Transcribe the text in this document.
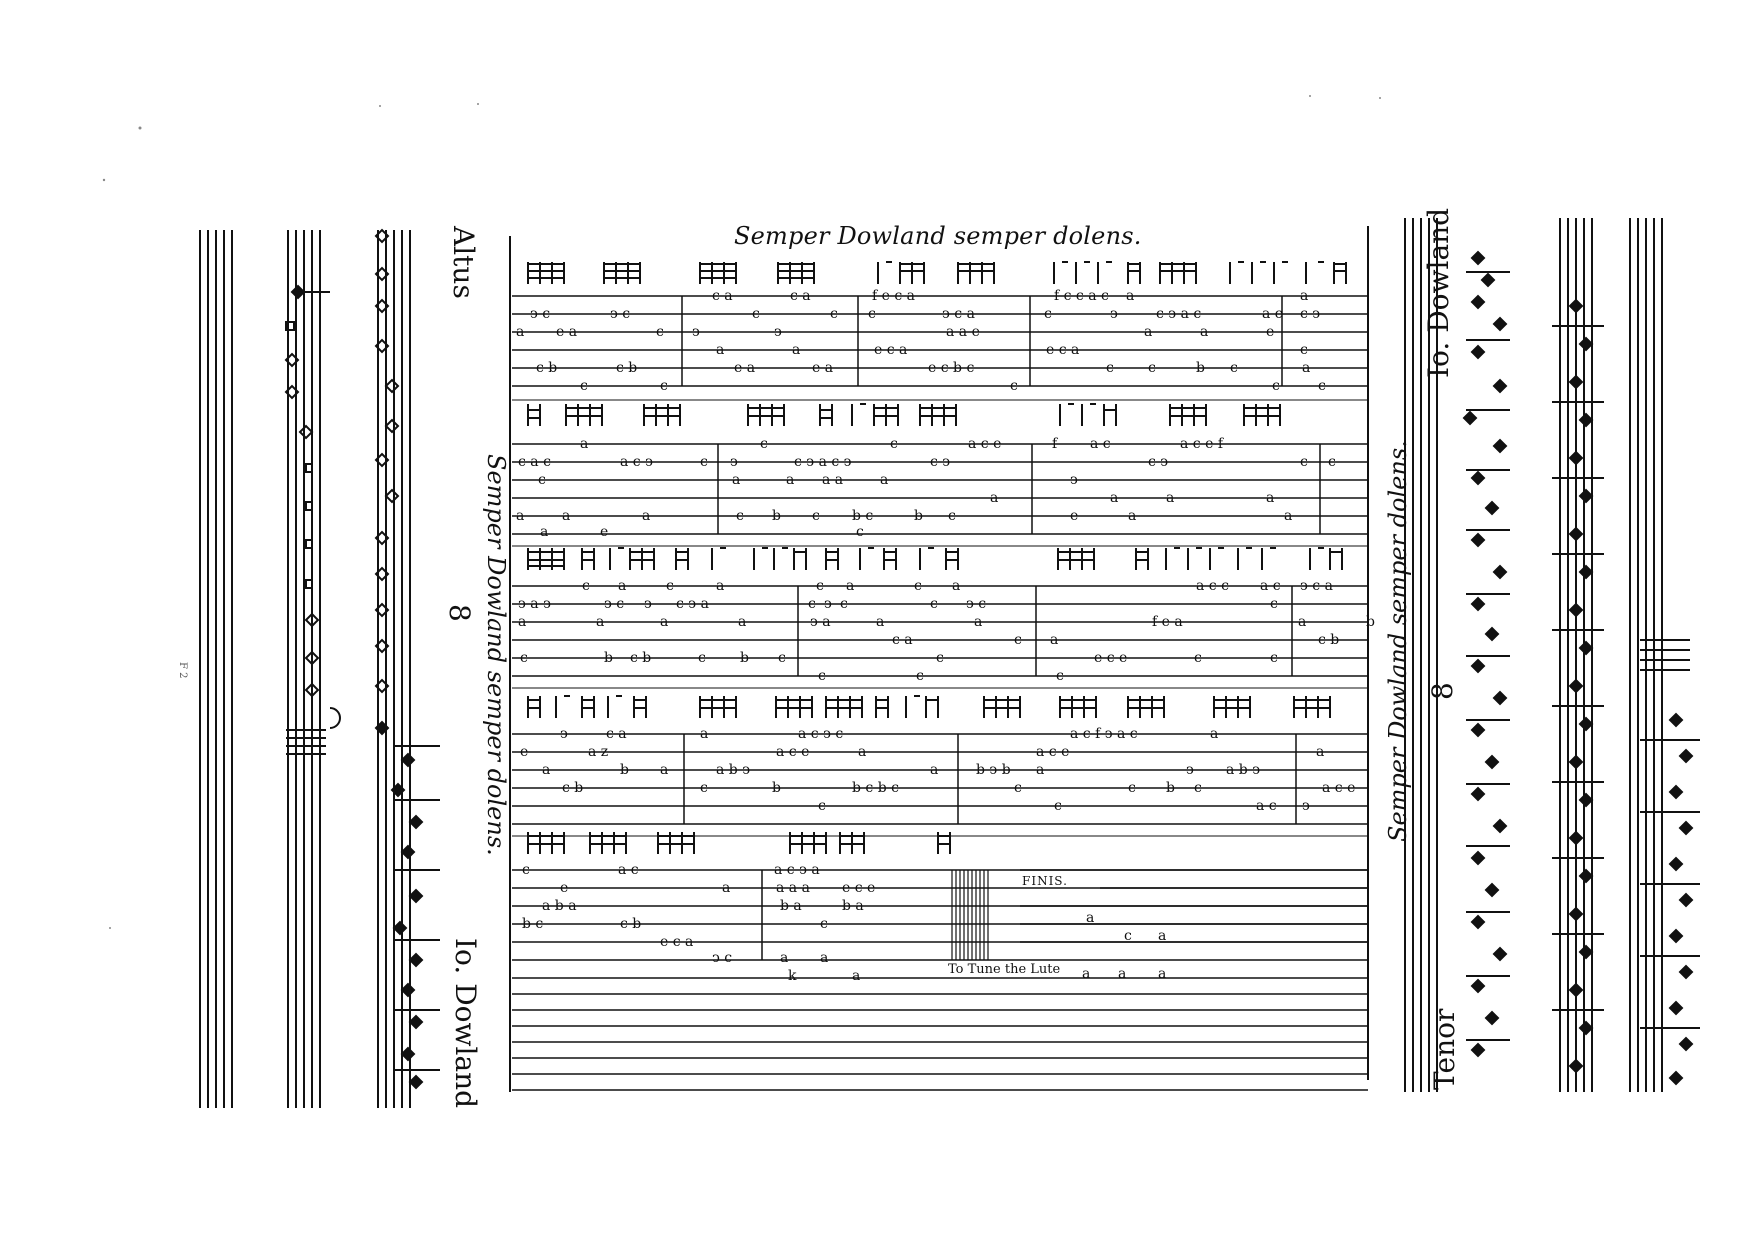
c a	c a	f e c a	f c c a c a	a
ↄ c	ↄ c	c	c c	ↄ c a	c	ↄ	c ↄ a c	a c c ↄ
a e a	c ↄ	ↄ	a a e	a	a	e
a	a	e c a	e c a	c
c b	c b	e a	e a	e c b c	c c	b c	a
c	c	c	c	c
a	c	c	a c e	f a c	a c e f
c a c	a c ↄ	c ↄ	c ↄ a c ↄ	c ↄ	c ↄ	c c
c	a	a a a	a	ↄ
a	a	a	a
a	a	a	c b c b c	b c	e	a	a
a	e	c
c a	c	a	c a	c a	a c c a c ↄ c a
ↄ a ↄ	ↄ c ↄ c ↄ a	c ↄ c	c ↄ c	c
a	a	a	a	ↄ a	a	a	f e a	a	b
c a	c a	c b
c	b c b	c b c	c	e c e	c	c
c	c	c
ↄ	c a	a	a c ↄ c	a c f ↄ a c	a
e	a z	a c e	a	a c e	a
a	b a	a b ↄ	a	b ↄ b a	ↄ a b ↄ
c b	c	b	b c b c	c	c b c	a c e
c	c	a c ↄ
c	a c	a c ↄ a
e	a	a a a e c e
a b a	b a	b a
b c	c b	c
e c a
a
c a
ↄ c	a a
k	a	a a a
Semper Dowland semper dolens.
Altus
8
Io. Dowland
Semper Dowland semper dolens.
Tenor
8
Io. Dowland
Semper Dowland semper dolens.
FINIS.
To Tune the Lute
F 2
